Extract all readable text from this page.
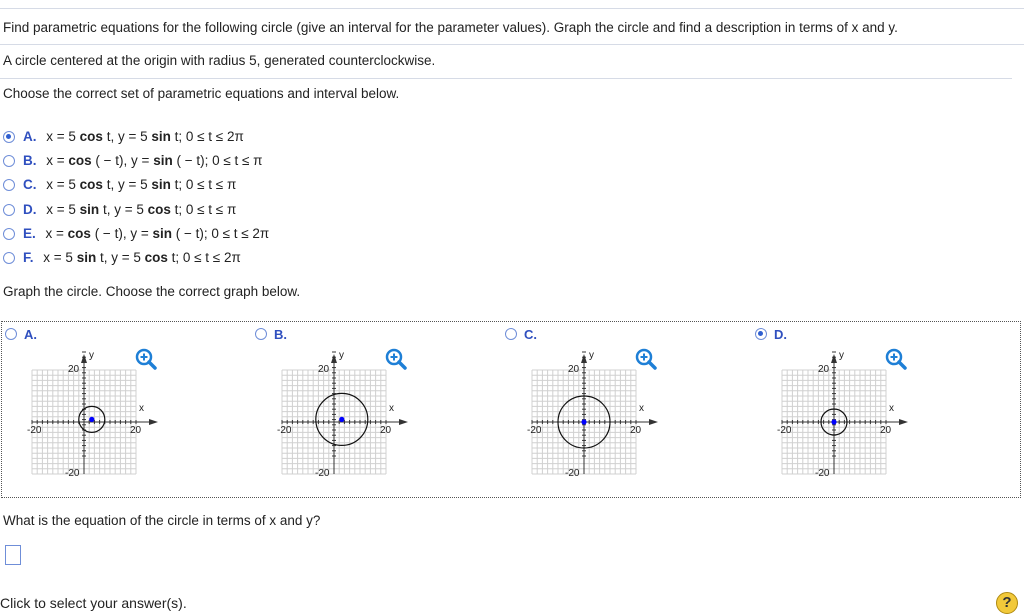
Find parametric equations for the following circle (give an interval for the parameter values). Graph the circle and find a description in terms of x and y.
A circle centered at the origin with radius 5, generated counterclockwise.
Choose the correct set of parametric equations and interval below.
A. x = 5 cos t, y = 5 sin t; 0 ≤ t ≤ 2π
B. x = cos ( − t), y = sin ( − t); 0 ≤ t ≤ π
C. x = 5 cos t, y = 5 sin t; 0 ≤ t ≤ π
D. x = 5 sin t, y = 5 cos t; 0 ≤ t ≤ π
E. x = cos ( − t), y = sin ( − t); 0 ≤ t ≤ 2π
F. x = 5 sin t, y = 5 cos t; 0 ≤ t ≤ 2π
Graph the circle. Choose the correct graph below.
A.
y
x
20
-20
-20	20
B.
y
x
20
-20
-20	20
C.
y
x
20
-20
-20	20
D.
y
x
20
-20
-20	20
What is the equation of the circle in terms of x and y?
Click to select your answer(s).	?
